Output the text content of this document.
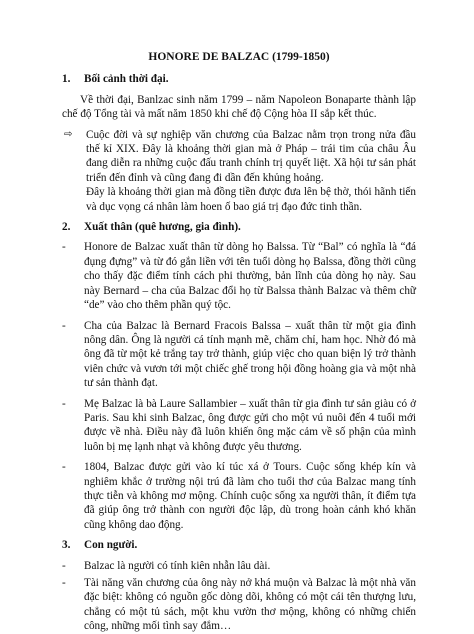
HONORE DE BALZAC (1799-1850)
1.	Bối cảnh thời đại.

Về thời đại, Banlzac sinh năm 1799 – năm Napoleon Bonaparte thành lập chế độ Tổng tài và mất năm 1850 khi chế độ Cộng hòa II sắp kết thúc.

⇨	Cuộc đời và sự nghiệp văn chương của Balzac nằm trọn trong nửa đầu thế kỉ XIX. Đây là khoảng thời gian mà ở Pháp – trái tim của châu Âu đang diễn ra những cuộc đấu tranh chính trị quyết liệt. Xã hội tư sản phát triển đến đỉnh và cũng đang đi dần đến khủng hoảng.

Đây là khoảng thời gian mà đồng tiền được đưa lên bệ thờ, thói hãnh tiến và dục vọng cá nhân làm hoen ố bao giá trị đạo đức tinh thần.

2.	Xuất thân (quê hương, gia đình).
-	Honore de Balzac xuất thân từ dòng họ Balssa. Từ “Bal” có nghĩa là “đá đụng đựng” và từ đó gắn liền với tên tuổi dòng họ Balssa, đồng thời cũng cho thấy đặc điểm tính cách phi thường, bản lĩnh của dòng họ này. Sau này Bernard – cha của Balzac đổi họ từ Balssa thành Balzac và thêm chữ “de” vào cho thêm phần quý tộc.
-	Cha của Balzac là Bernard Fracois Balssa – xuất thân từ một gia đình nông dân. Ông là người cá tính mạnh mẽ, chăm chỉ, ham học. Nhờ đó mà ông đã từ một kẻ trắng tay trở thành, giúp việc cho quan biện lý trở thành viên chức và vươn tới một chiếc ghế trong hội đồng hoàng gia và một nhà tư sản thành đạt.
-	Mẹ Balzac là bà Laure Sallambier – xuất thân từ gia đình tư sản giàu có ở Paris. Sau khi sinh Balzac, ông được gửi cho một vú nuôi đến 4 tuổi mới được về nhà. Điều này đã luôn khiến ông mặc cảm về số phận của mình luôn bị mẹ lạnh nhạt và không được yêu thương.
-	1804, Balzac được gửi vào kí túc xá ở Tours. Cuộc sống khép kín và nghiêm khắc ở trường nội trú đã làm cho tuổi thơ của Balzac mang tính thực tiễn và không mơ mộng. Chính cuộc sống xa người thân, ít điểm tựa đã giúp ông trở thành con người độc lập, dù trong hoàn cảnh khó khăn cũng không dao động.
3.	Con người.
-	Balzac là người có tính kiên nhẫn lâu dài.
-	Tài năng văn chương của ông này nở khá muộn và Balzac là một nhà văn đặc biệt: không có nguồn gốc dòng dõi, không có một cái tên thượng lưu, chẳng có một tủ sách, một khu vườn thơ mộng, không có những chiến công, những mối tình say đắm…
